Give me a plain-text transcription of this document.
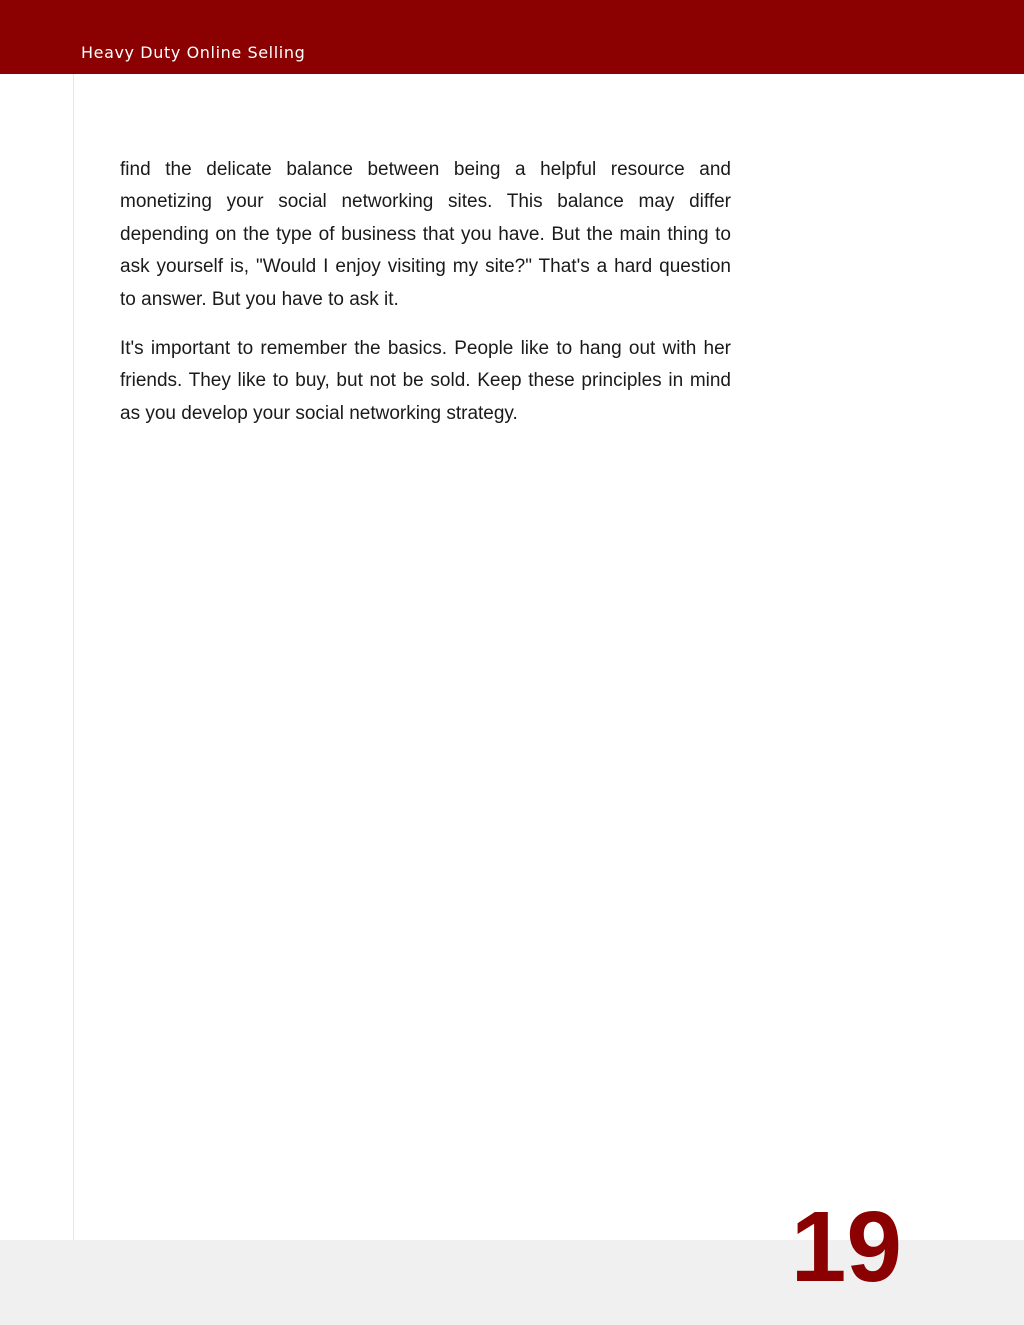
Heavy Duty Online Selling

find the delicate balance between being a helpful resource and monetizing your social networking sites. This balance may differ depending on the type of business that you have. But the main thing to ask yourself is, "Would I enjoy visiting my site?" That's a hard question to answer. But you have to ask it.

It's important to remember the basics. People like to hang out with her friends. They like to buy, but not be sold. Keep these principles in mind as you develop your social networking strategy.

19
